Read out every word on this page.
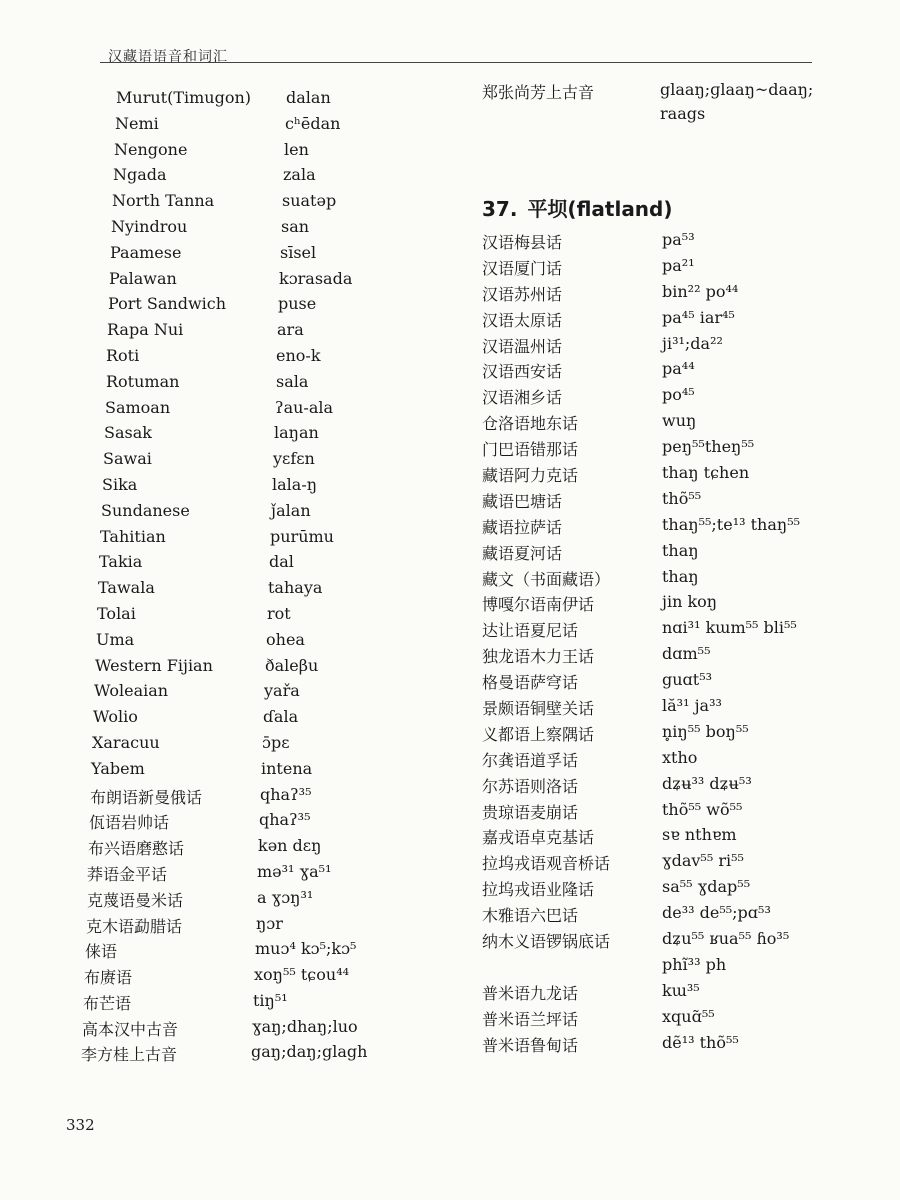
汉藏语语音和词汇
Murut(Timugon) dalan
Nemi	cʰēdan
Nengone	len
Ngada	zala
North Tanna	suatəp
Nyindrou	san
Paamese	sīsel
Palawan	kɔrasada
Port Sandwich	puse
Rapa Nui	ara
Roti	eno-k
Rotuman	sala
Samoan	ʔau-ala
Sasak	laŋan
Sawai	yɛfɛn
Sika	lala-ŋ
Sundanese	ǰalan
Tahitian	purūmu
Takia	dal
Tawala	tahaya
Tolai	rot
Uma	ohea
Western Fijian	ðaleβu
Woleaian	yařa
Wolio	ɗala
Xaracuu	ɔ̄pɛ
Yabem	intena
布朗语新曼俄话	qhaʔ³⁵
佤语岩帅话	qhaʔ³⁵
布兴语磨憨话	kən dɛŋ
莽语金平话	mə³¹ ɣa⁵¹
克蔑语曼米话	a ɣɔŋ³¹
克木语勐腊话	ŋɔr
俫语	muɔ⁴ kɔ⁵;kɔ⁵
布赓语	xoŋ⁵⁵ tɕou⁴⁴
布芒语	tiŋ⁵¹
高本汉中古音	ɣaŋ;dhaŋ;luo
李方桂上古音	gaŋ;daŋ;glagh
郑张尚芳上古音	glaaŋ;ɡlaaŋ~daaŋ;
raags
37. 平坝(flatland)
汉语梅县话	pa⁵³
汉语厦门话	pa²¹
汉语苏州话	bin²² po⁴⁴
汉语太原话	pa⁴⁵ iar⁴⁵
汉语温州话	ji³¹;da²²
汉语西安话	pa⁴⁴
汉语湘乡话	po⁴⁵
仓洛语地东话	wuŋ
门巴语错那话	peŋ⁵⁵theŋ⁵⁵
藏语阿力克话	thaŋ tɕhen
藏语巴塘话	thõ⁵⁵
藏语拉萨话	thaŋ⁵⁵;te¹³ thaŋ⁵⁵
藏语夏河话	thaŋ
藏文（书面藏语）	thaŋ
博嘎尔语南伊话	jin koŋ
达让语夏尼话	nɑi³¹ kɯm⁵⁵ bli⁵⁵
独龙语木力王话	dɑm⁵⁵
格曼语萨穹话	guɑt⁵³
景颇语铜壁关话	lă³¹ ja³³
义都语上察隅话	n̥iŋ⁵⁵ boŋ⁵⁵
尔龚语道孚话	xtho
尔苏语则洛话	dʑʉ³³ dʑʉ⁵³
贵琼语麦崩话	thõ⁵⁵ wõ⁵⁵
嘉戎语卓克基话	sɐ nthɐm
拉坞戎语观音桥话	ɣdav⁵⁵ ri⁵⁵
拉坞戎语业隆话	sa⁵⁵ ɣdap⁵⁵
木雅语六巴话	de³³ de⁵⁵;pɑ⁵³
纳木义语锣锅底话	dʑu⁵⁵ ʁua⁵⁵ ɦo³⁵
phĩ³³ ph
普米语九龙话	kɯ³⁵
普米语兰坪话	xquɑ̃⁵⁵
普米语鲁甸话	dẽ¹³ thõ⁵⁵
332
